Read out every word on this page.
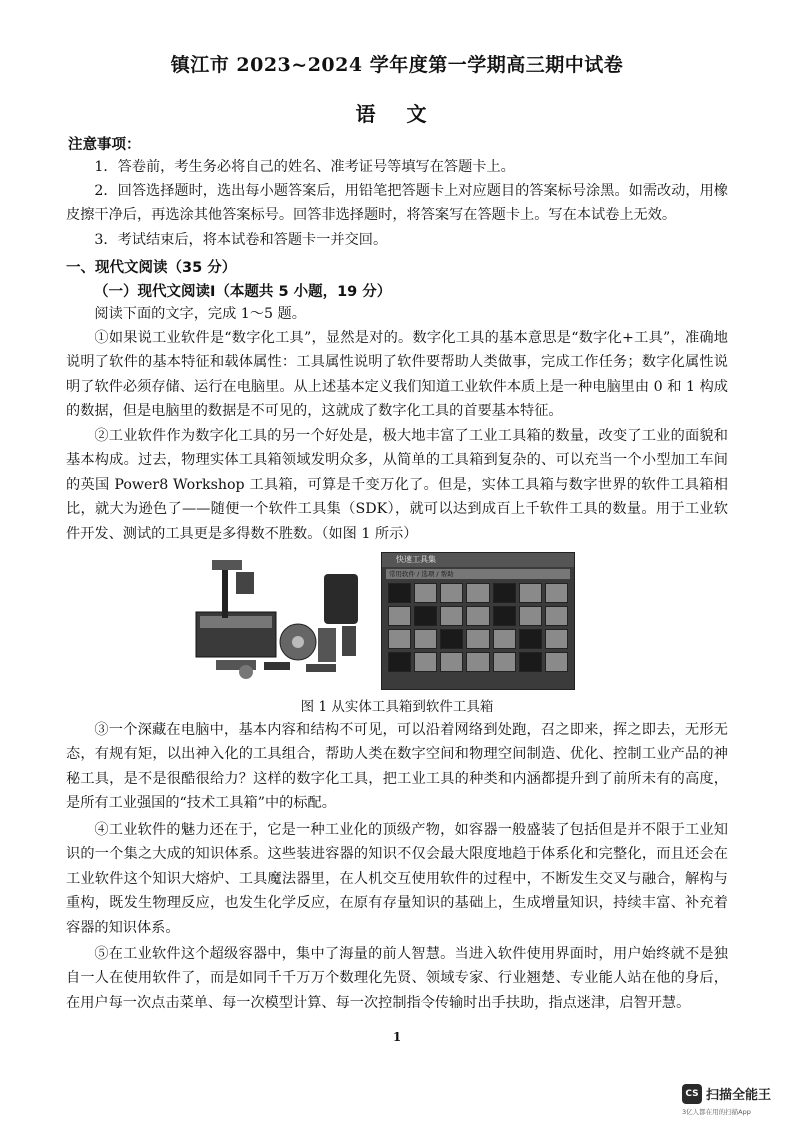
镇江市 2023~2024 学年度第一学期高三期中试卷
语 文
注意事项：
1．答卷前，考生务必将自己的姓名、准考证号等填写在答题卡上。
2．回答选择题时，选出每小题答案后，用铅笔把答题卡上对应题目的答案标号涂黑。如需改动，用橡皮擦干净后，再选涂其他答案标号。回答非选择题时，将答案写在答题卡上。写在本试卷上无效。
3．考试结束后，将本试卷和答题卡一并交回。
一、现代文阅读（35 分）
（一）现代文阅读Ⅰ（本题共 5 小题，19 分）
阅读下面的文字，完成 1～5 题。
①如果说工业软件是“数字化工具”，显然是对的。数字化工具的基本意思是“数字化+工具”，准确地说明了软件的基本特征和载体属性：工具属性说明了软件要帮助人类做事，完成工作任务；数字化属性说明了软件必须存储、运行在电脑里。从上述基本定义我们知道工业软件本质上是一种电脑里由 0 和 1 构成的数据，但是电脑里的数据是不可见的，这就成了数字化工具的首要基本特征。
②工业软件作为数字化工具的另一个好处是，极大地丰富了工业工具箱的数量，改变了工业的面貌和基本构成。过去，物理实体工具箱领域发明众多，从简单的工具箱到复杂的、可以充当一个小型加工车间的英国 Power8 Workshop 工具箱，可算是千变万化了。但是，实体工具箱与数字世界的软件工具箱相比，就大为逊色了——随便一个软件工具集（SDK），就可以达到成百上千软件工具的数量。用于工业软件开发、测试的工具更是多得数不胜数。（如图 1 所示）
快速工具集
常用软件 / 选项 / 帮助
图 1 从实体工具箱到软件工具箱
③一个深藏在电脑中，基本内容和结构不可见，可以沿着网络到处跑，召之即来，挥之即去，无形无态，有规有矩，以出神入化的工具组合，帮助人类在数字空间和物理空间制造、优化、控制工业产品的神秘工具，是不是很酷很给力？这样的数字化工具，把工业工具的种类和内涵都提升到了前所未有的高度，是所有工业强国的“技术工具箱”中的标配。
④工业软件的魅力还在于，它是一种工业化的顶级产物，如容器一般盛装了包括但是并不限于工业知识的一个集之大成的知识体系。这些装进容器的知识不仅会最大限度地趋于体系化和完整化，而且还会在工业软件这个知识大熔炉、工具魔法器里，在人机交互使用软件的过程中，不断发生交叉与融合，解构与重构，既发生物理反应，也发生化学反应，在原有存量知识的基础上，生成增量知识，持续丰富、补充着容器的知识体系。
⑤在工业软件这个超级容器中，集中了海量的前人智慧。当进入软件使用界面时，用户始终就不是独自一人在使用软件了，而是如同千千万万个数理化先贤、领域专家、行业翘楚、专业能人站在他的身后，在用户每一次点击菜单、每一次模型计算、每一次控制指令传输时出手扶助，指点迷津，启智开慧。
1
CS 扫描全能王
3亿人都在用的扫描App
